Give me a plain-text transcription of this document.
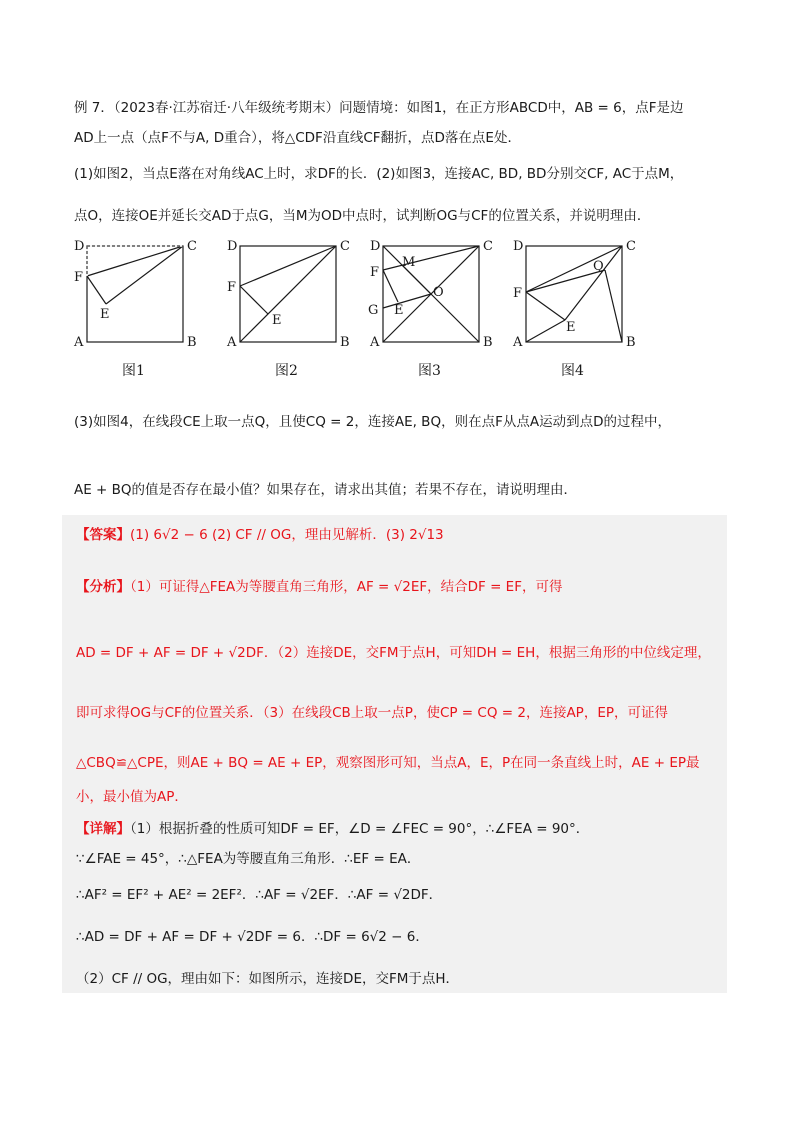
例 7．（2023春·江苏宿迁·八年级统考期末）问题情境：如图1，在正方形ABCD中，AB = 6，点F是边
AD上一点（点F不与A, D重合），将△CDF沿直线CF翻折，点D落在点E处．
(1)如图2，当点E落在对角线AC上时，求DF的长．(2)如图3，连接AC, BD, BD分别交CF, AC于点M，
点O，连接OE并延长交AD于点G，当M为OD中点时，试判断OG与CF的位置关系，并说明理由．
D	C
F
E
A	B
图1
D	C
F
E
A	B
图2
D	C
M
F
O
G E
A	B
图3
D	C
Q
F
E
A	B
图4
(3)如图4，在线段CE上取一点Q，且使CQ = 2，连接AE, BQ，则在点F从点A运动到点D的过程中，
AE + BQ的值是否存在最小值？如果存在，请求出其值；若果不存在，请说明理由．
【答案】(1) 6√2 − 6 (2) CF // OG，理由见解析．(3) 2√13
【分析】（1）可证得△FEA为等腰直角三角形，AF = √2EF，结合DF = EF，可得
AD = DF + AF = DF + √2DF．（2）连接DE，交FM于点H，可知DH = EH，根据三角形的中位线定理，
即可求得OG与CF的位置关系．（3）在线段CB上取一点P，使CP = CQ = 2，连接AP，EP，可证得
△CBQ≌△CPE，则AE + BQ = AE + EP，观察图形可知，当点A，E，P在同一条直线上时，AE + EP最
小，最小值为AP．
【详解】（1）根据折叠的性质可知DF = EF，∠D = ∠FEC = 90°，∴∠FEA = 90°．
∵∠FAE = 45°，∴△FEA为等腰直角三角形．∴EF = EA．
∴AF² = EF² + AE² = 2EF²．∴AF = √2EF．∴AF = √2DF．
∴AD = DF + AF = DF + √2DF = 6．∴DF = 6√2 − 6．
（2）CF // OG，理由如下：如图所示，连接DE，交FM于点H．
